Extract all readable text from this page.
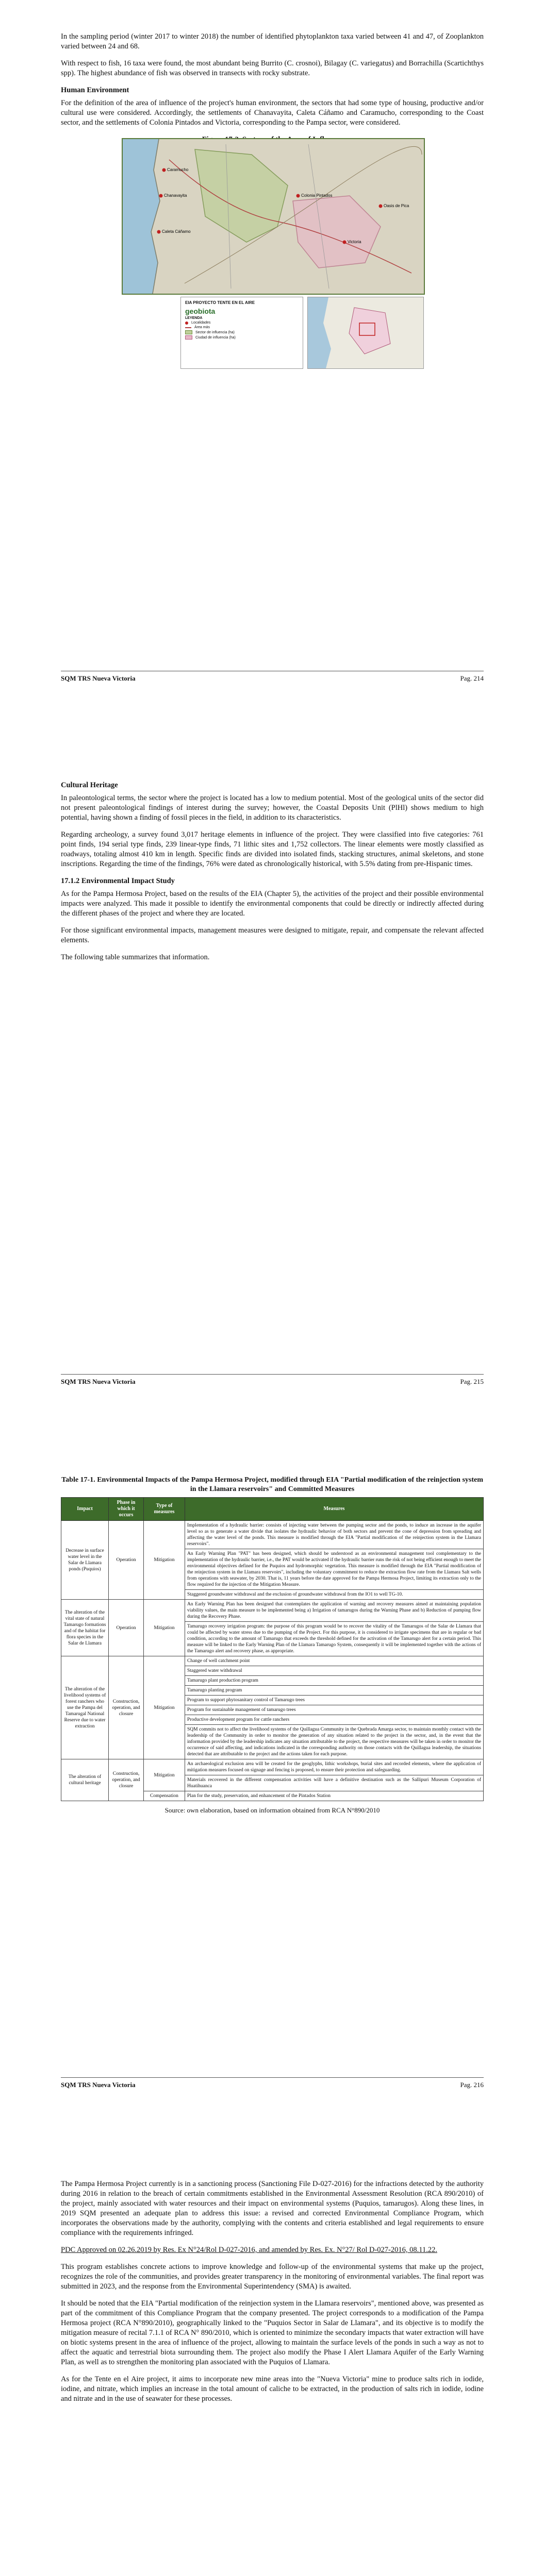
In the sampling period (winter 2017 to winter 2018) the number of identified phytoplankton taxa varied between 41 and 47, of Zooplankton varied between 24 and 68.

With respect to fish, 16 taxa were found, the most abundant being Burrito (C. crosnoi), Bilagay (C. variegatus) and Borrachilla (Scartichthys spp). The highest abundance of fish was observed in transects with rocky substrate.

Human Environment

For the definition of the area of influence of the project's human environment, the sectors that had some type of housing, productive and/or cultural use were considered. Accordingly, the settlements of Chanavayita, Caleta Cáñamo and Caramucho, corresponding to the Coast sector, and the settlements of Colonia Pintados and Victoria, corresponding to the Pampa sector, were considered.

Caramucho
Chanavayita
Caleta Cáñamo
Colonia Pintados
Victoria
Oasis de Pica
EIA PROYECTO TENTE EN EL AIRE
geobiota
LEYENDA
Localidades
Área más
Sector de influencia (ha)
Ciudad de influencia (ha)
SQM TRS Nueva Victoria	Pag. 214
Cultural Heritage

In paleontological terms, the sector where the project is located has a low to medium potential. Most of the geological units of the sector did not present paleontological findings of interest during the survey; however, the Coastal Deposits Unit (PlHl) shows medium to high potential, having shown a finding of fossil pieces in the field, in addition to its characteristics.

Regarding archeology, a survey found 3,017 heritage elements in influence of the project. They were classified into five categories: 761 point finds, 194 serial type finds, 239 linear-type finds, 71 lithic sites and 1,752 collectors. The linear elements were mostly classified as roadways, totaling almost 410 km in length. Specific finds are divided into isolated finds, stacking structures, animal skeletons, and stone inscriptions. Regarding the time of the findings, 76% were dated as chronologically historical, with 5.5% dating from pre-Hispanic times.

17.1.2 Environmental Impact Study

As for the Pampa Hermosa Project, based on the results of the EIA (Chapter 5), the activities of the project and their possible environmental impacts were analyzed. This made it possible to identify the environmental components that could be directly or indirectly affected during the different phases of the project and where they are located.

For those significant environmental impacts, management measures were designed to mitigate, repair, and compensate the relevant affected elements.

The following table summarizes that information.

SQM TRS Nueva Victoria	Pag. 215
Table 17-1. Environmental Impacts of the Pampa Hermosa Project, modified through EIA "Partial modification of the reinjection system in the Llamara reservoirs" and Committed Measures
Impact	Phase in which it occurs	Type of measures	Measures
Decrease in surface water level in the Salar de Llamara ponds (Puquios)	Operation	Mitigation	Implementation of a hydraulic barrier: consists of injecting water between the pumping sector and the ponds, to induce an increase in the aquifer level so as to generate a water divide that isolates the hydraulic behavior of both sectors and prevent the cone of depression from spreading and affecting the water level of the ponds. This measure is modified through the EIA "Partial modification of the reinjection system in the Llamara reservoirs".
			An Early Warning Plan "PAT" has been designed, which should be understood as an environmental management tool complementary to the implementation of the hydraulic barrier, i.e., the PAT would be activated if the hydraulic barrier runs the risk of not being efficient enough to meet the environmental objectives defined for the Puquios and hydromorphic vegetation. This measure is modified through the EIA "Partial modification of the reinjection system in the Llamara reservoirs", including the voluntary commitment to reduce the extraction flow rate from the Llamara Salt wells from operations with seawater, by 2030. That is, 11 years before the date approved for the Pampa Hermosa Project, limiting its extraction only to the flow required for the injection of the Mitigation Measure.
			Staggered groundwater withdrawal and the exclusion of groundwater withdrawal from the IO1 to well TG-10.
The alteration of the vital state of natural Tamarugo formations and of the habitat for flora species in the Salar de Llamara	Operation	Mitigation	An Early Warning Plan has been designed that contemplates the application of warning and recovery measures aimed at maintaining population viability values, the main measure to be implemented being a) Irrigation of tamarugos during the Warning Phase and b) Reduction of pumping flow during the Recovery Phase.
			Tamarugo recovery irrigation program: the purpose of this program would be to recover the vitality of the Tamarugos of the Salar de Llamara that could be affected by water stress due to the pumping of the Project. For this purpose, it is considered to irrigate specimens that are in regular or bad condition, according to the amount of Tamarugo that exceeds the threshold defined for the activation of the Tamarugo alert for a certain period. This measure will be linked to the Early Warning Plan of the Llamara Tamarugo System, consequently it will be implemented together with the actions of the Tamarugo alert and recovery phase, as appropriate.
The alteration of the livelihood systems of forest ranchers who use the Pampa del Tamarugal National Reserve due to water extraction	Construction, operation, and closure	Mitigation	Change of well catchment point
			Staggered water withdrawal
			Tamarugo plant production program
			Tamarugo planting program
			Program to support phytosanitary control of Tamarugo trees
			Program for sustainable management of tamarugo trees
			Productive development program for cattle ranchers
			SQM commits not to affect the livelihood systems of the Quillagua Community in the Quebrada Amarga sector, to maintain monthly contact with the leadership of the Community in order to monitor the generation of any situation related to the project in the sector, and, in the event that the information provided by the leadership indicates any situation attributable to the project, the respective measures will be taken in order to monitor the occurrence of said affecting, and indications indicated in the corresponding authority on those contacts with the Quillagua leadership, the situations detected that are attributable to the project and the actions taken for each purpose.
The alteration of cultural heritage	Construction, operation, and closure	Mitigation	An archaeological exclusion area will be created for the geoglyphs, lithic workshops, burial sites and recorded elements, where the application of mitigation measures focused on signage and fencing is proposed, to ensure their protection and safeguarding.
			Materials recovered in the different compensation activities will have a definitive destination such as the Sallipuri Museum Corporation of Huatihuanca
		Compensation	Plan for the study, preservation, and enhancement of the Pintados Station
Source: own elaboration, based on information obtained from RCA N°890/2010
SQM TRS Nueva Victoria	Pag. 216

The Pampa Hermosa Project currently is in a sanctioning process (Sanctioning File D-027-2016) for the infractions detected by the authority during 2016 in relation to the breach of certain commitments established in the Environmental Assessment Resolution (RCA 890/2010) of the project, mainly associated with water resources and their impact on environmental systems (Puquios, tamarugos). Along these lines, in 2019 SQM presented an adequate plan to address this issue: a revised and corrected Environmental Compliance Program, which incorporates the observations made by the authority, complying with the contents and criteria established and legal requirements to ensure compliance with the requirements infringed.

PDC Approved on 02.26.2019 by Res. Ex N°24/Rol D-027-2016, and amended by Res. Ex. N°27/ Rol D-027-2016, 08.11.22.

This program establishes concrete actions to improve knowledge and follow-up of the environmental systems that make up the project, recognizes the role of the communities, and provides greater transparency in the monitoring of environmental variables. The final report was submitted in 2023, and the response from the Environmental Superintendency (SMA) is awaited.

It should be noted that the EIA "Partial modification of the reinjection system in the Llamara reservoirs", mentioned above, was presented as part of the commitment of this Compliance Program that the company presented. The project corresponds to a modification of the Pampa Hermosa project (RCA N°890/2010), geographically linked to the "Puquios Sector in Salar de Llamara", and its objective is to modify the mitigation measure of recital 7.1.1 of RCA N° 890/2010, which is oriented to minimize the secondary impacts that water extraction will have on biotic systems present in the area of influence of the project, allowing to maintain the surface levels of the ponds in such a way as not to affect the aquatic and terrestrial biota surrounding them. The project also modify the Phase I Alert Llamara Aquifer of the Early Warning Plan, as well as to strengthen the monitoring plan associated with the Puquios of Llamara.

As for the Tente en el Aire project, it aims to incorporate new mine areas into the "Nueva Victoria" mine to produce salts rich in iodide, iodine, and nitrate, which implies an increase in the total amount of caliche to be extracted, in the production of salts rich in iodide, iodine and nitrate and in the use of seawater for these processes.
